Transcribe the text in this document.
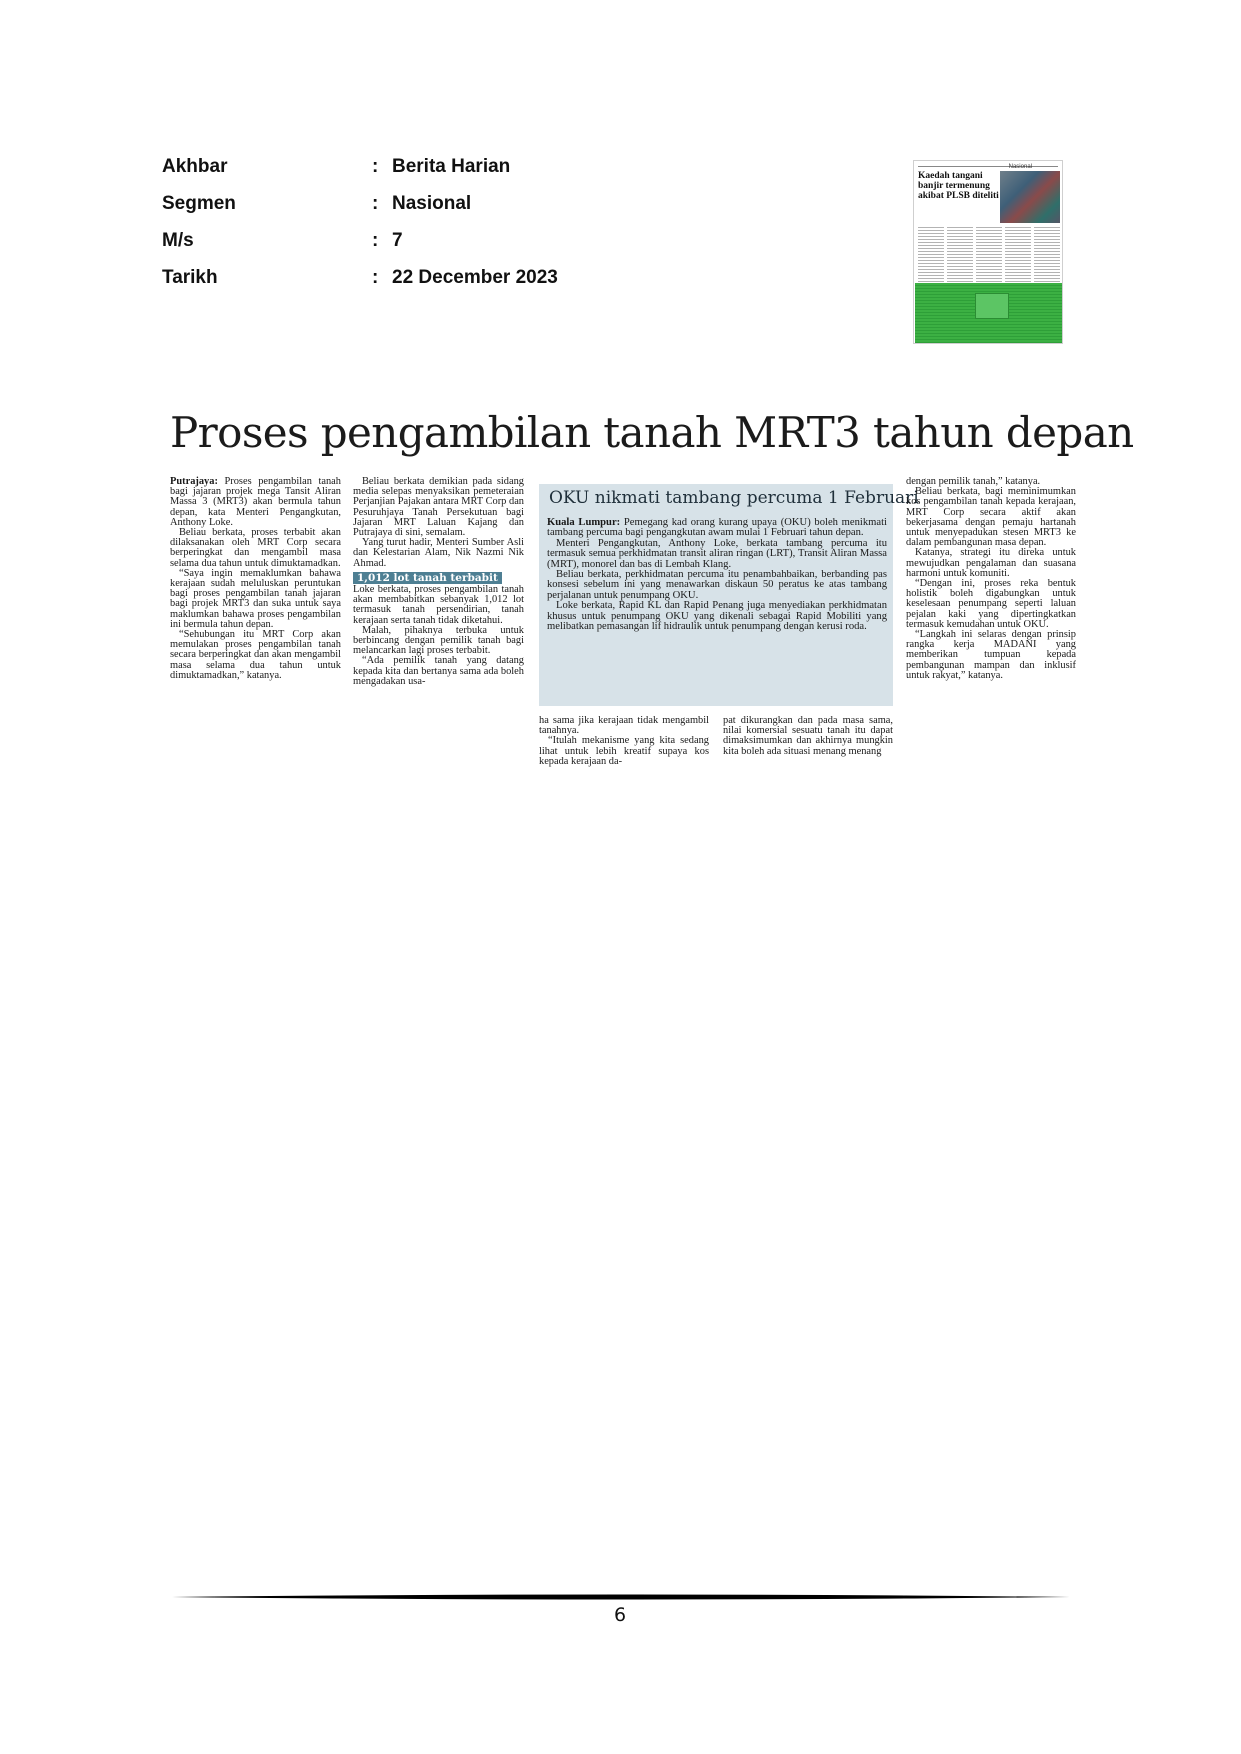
Akhbar	: Berita Harian
Segmen	: Nasional
M/s	: 7
Tarikh	: 22 December 2023
Nasional
Kaedah tangani banjir termenung akibat PLSB diteliti
Proses pengambilan tanah MRT3 tahun depan

Putrajaya: Proses pengambilan tanah bagi jajaran projek mega Tansit Aliran Massa 3 (MRT3) akan bermula tahun depan, kata Menteri Pengangkutan, Anthony Loke.

Beliau berkata, proses terbabit akan dilaksanakan oleh MRT Corp secara berperingkat dan mengambil masa selama dua tahun untuk dimuktamadkan.

“Saya ingin memaklumkan bahawa kerajaan sudah meluluskan peruntukan bagi proses pengambilan tanah jajaran bagi projek MRT3 dan suka untuk saya maklumkan bahawa proses pengambilan ini bermula tahun depan.

“Sehubungan itu MRT Corp akan memulakan proses pengambilan tanah secara berperingkat dan akan mengambil masa selama dua tahun untuk dimuktamadkan,” katanya.

Beliau berkata demikian pada sidang media selepas menyaksikan pemeteraian Perjanjian Pajakan antara MRT Corp dan Pesuruhjaya Tanah Persekutuan bagi Jajaran MRT Laluan Kajang dan Putrajaya di sini, semalam.

Yang turut hadir, Menteri Sumber Asli dan Kelestarian Alam, Nik Nazmi Nik Ahmad.

1,012 lot tanah terbabit

Loke berkata, proses pengambilan tanah akan membabitkan sebanyak 1,012 lot termasuk tanah persendirian, tanah kerajaan serta tanah tidak diketahui.

Malah, pihaknya terbuka untuk berbincang dengan pemilik tanah bagi melancarkan lagi proses terbabit.

“Ada pemilik tanah yang datang kepada kita dan bertanya sama ada boleh mengadakan usa-

OKU nikmati tambang percuma 1 Februari

Kuala Lumpur: Pemegang kad orang kurang upaya (OKU) boleh menikmati tambang percuma bagi pengangkutan awam mulai 1 Februari tahun depan.

Menteri Pengangkutan, Anthony Loke, berkata tambang percuma itu termasuk semua perkhidmatan transit aliran ringan (LRT), Transit Aliran Massa (MRT), monorel dan bas di Lembah Klang.

Beliau berkata, perkhidmatan percuma itu penambahbaikan, berbanding pas konsesi sebelum ini yang menawarkan diskaun 50 peratus ke atas tambang perjalanan untuk penumpang OKU.

Loke berkata, Rapid KL dan Rapid Penang juga menyediakan perkhidmatan khusus untuk penumpang OKU yang dikenali sebagai Rapid Mobiliti yang melibatkan pemasangan lif hidraulik untuk penumpang dengan kerusi roda.

ha sama jika kerajaan tidak mengambil tanahnya.

“Itulah mekanisme yang kita sedang lihat untuk lebih kreatif supaya kos kepada kerajaan da-

pat dikurangkan dan pada masa sama, nilai komersial sesuatu tanah itu dapat dimaksimumkan dan akhirnya mungkin kita boleh ada situasi menang menang

dengan pemilik tanah,” katanya.

Beliau berkata, bagi meminimumkan kos pengambilan tanah kepada kerajaan, MRT Corp secara aktif akan bekerjasama dengan pemaju hartanah untuk menyepadukan stesen MRT3 ke dalam pembangunan masa depan.

Katanya, strategi itu direka untuk mewujudkan pengalaman dan suasana harmoni untuk komuniti.

“Dengan ini, proses reka bentuk holistik boleh digabungkan untuk keselesaan penumpang seperti laluan pejalan kaki yang dipertingkatkan termasuk kemudahan untuk OKU.

“Langkah ini selaras dengan prinsip rangka kerja MADANI yang memberikan tumpuan kepada pembangunan mampan dan inklusif untuk rakyat,” katanya.

6
